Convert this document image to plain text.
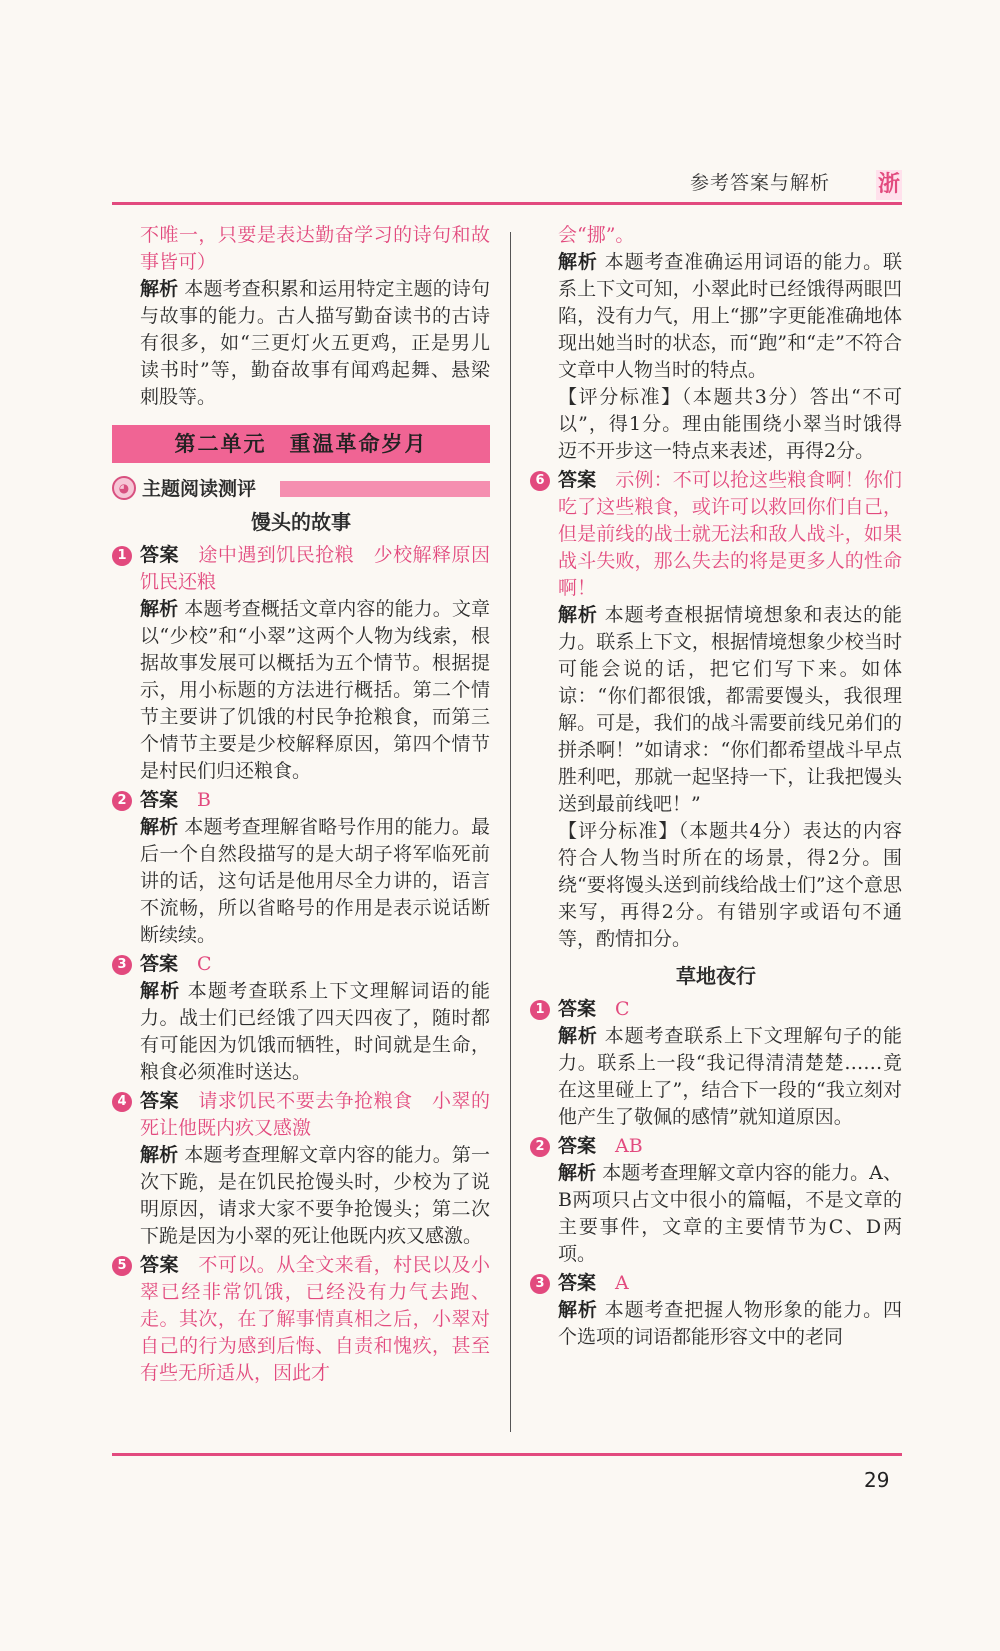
参考答案与解析 浙

不唯一，只要是表达勤奋学习的诗句和故事皆可）

解析 本题考查积累和运用特定主题的诗句与故事的能力。古人描写勤奋读书的古诗有很多，如“三更灯火五更鸡，正是男儿读书时”等，勤奋故事有闻鸡起舞、悬梁刺股等。

第二单元　重温革命岁月
◕ 主题阅读测评
馒头的故事
1 答案　 途中遇到饥民抢粮　少校解释原因　饥民还粮

解析 本题考查概括文章内容的能力。文章以“少校”和“小翠”这两个人物为线索，根据故事发展可以概括为五个情节。根据提示，用小标题的方法进行概括。第二个情节主要讲了饥饿的村民争抢粮食，而第三个情节主要是少校解释原因，第四个情节是村民们归还粮食。

2 答案　 B

解析 本题考查理解省略号作用的能力。最后一个自然段描写的是大胡子将军临死前讲的话，这句话是他用尽全力讲的，语言不流畅，所以省略号的作用是表示说话断断续续。

3 答案　 C

解析 本题考查联系上下文理解词语的能力。战士们已经饿了四天四夜了，随时都有可能因为饥饿而牺牲，时间就是生命，粮食必须准时送达。

4 答案　 请求饥民不要去争抢粮食　小翠的死让他既内疚又感激

解析 本题考查理解文章内容的能力。第一次下跪，是在饥民抢馒头时，少校为了说明原因，请求大家不要争抢馒头；第二次下跪是因为小翠的死让他既内疚又感激。

5 答案　 不可以。从全文来看，村民以及小翠已经非常饥饿，已经没有力气去跑、走。其次，在了解事情真相之后，小翠对自己的行为感到后悔、自责和愧疚，甚至有些无所适从，因此才

会“挪”。

解析 本题考查准确运用词语的能力。联系上下文可知，小翠此时已经饿得两眼凹陷，没有力气，用上“挪”字更能准确地体现出她当时的状态，而“跑”和“走”不符合文章中人物当时的特点。

【评分标准】（本题共3分）答出“不可以”，得1分。理由能围绕小翠当时饿得迈不开步这一特点来表述，再得2分。

6 答案　 示例：不可以抢这些粮食啊！你们吃了这些粮食，或许可以救回你们自己，但是前线的战士就无法和敌人战斗，如果战斗失败，那么失去的将是更多人的性命啊！

解析 本题考查根据情境想象和表达的能力。联系上下文，根据情境想象少校当时可能会说的话，把它们写下来。如体谅：“你们都很饿，都需要馒头，我很理解。可是，我们的战斗需要前线兄弟们的拼杀啊！”如请求：“你们都希望战斗早点胜利吧，那就一起坚持一下，让我把馒头送到最前线吧！”

【评分标准】（本题共4分）表达的内容符合人物当时所在的场景，得2分。围绕“要将馒头送到前线给战士们”这个意思来写，再得2分。有错别字或语句不通等，酌情扣分。

草地夜行
1 答案　 C

解析 本题考查联系上下文理解句子的能力。联系上一段“我记得清清楚楚……竟在这里碰上了”，结合下一段的“我立刻对他产生了敬佩的感情”就知道原因。

2 答案　 AB

解析 本题考查理解文章内容的能力。A、B两项只占文中很小的篇幅，不是文章的主要事件，文章的主要情节为C、D两项。

3 答案　 A

解析 本题考查把握人物形象的能力。四个选项的词语都能形容文中的老同

29
